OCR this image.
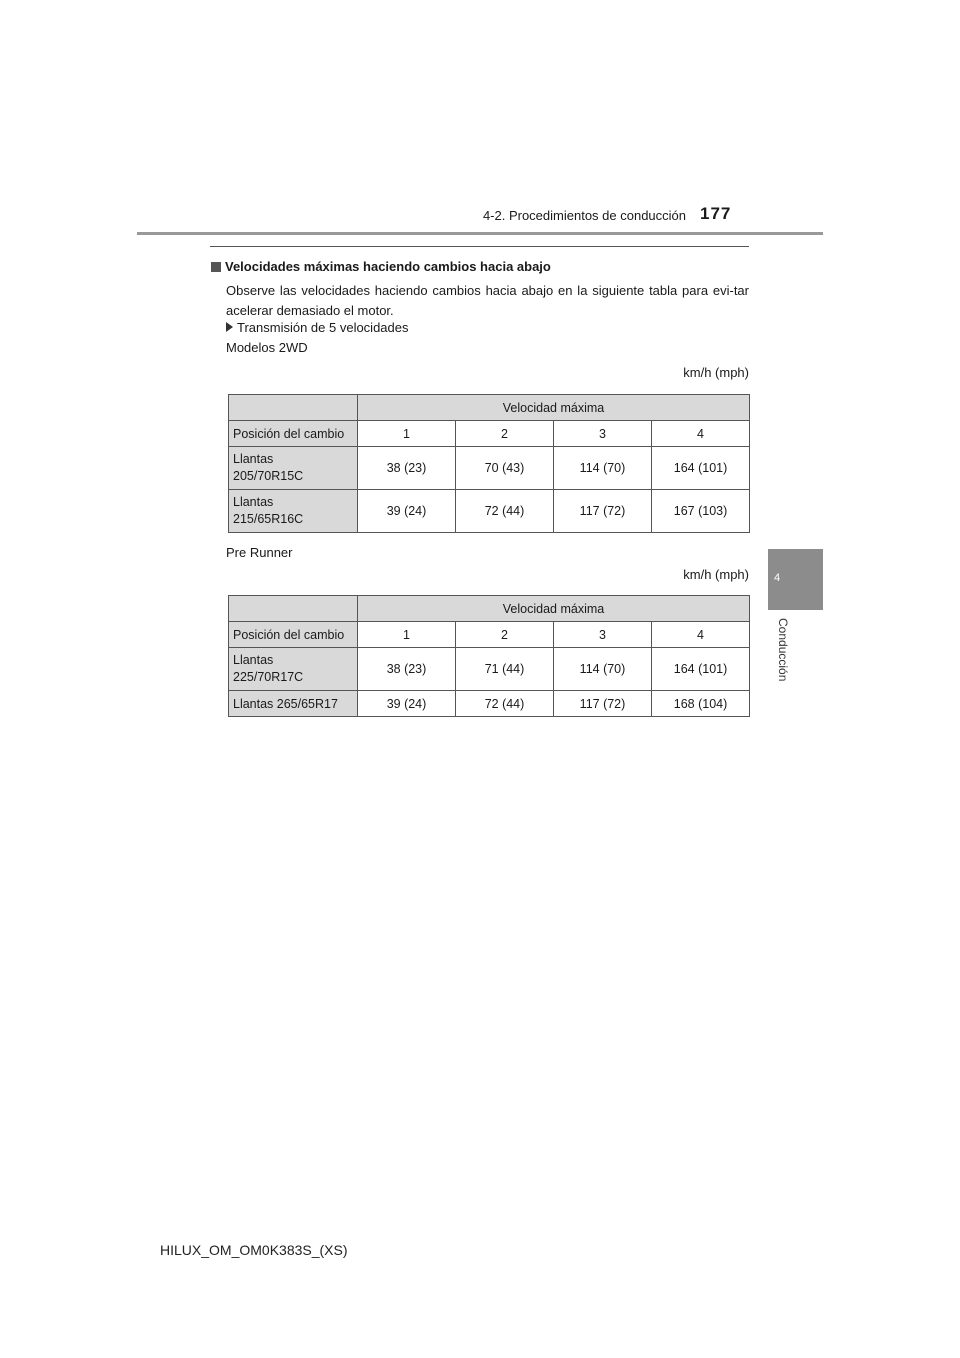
4-2. Procedimientos de conducción 177
4
Conducción
Velocidades máximas haciendo cambios hacia abajo
Observe las velocidades haciendo cambios hacia abajo en la siguiente tabla para evi-tar acelerar demasiado el motor.
Transmisión de 5 velocidades
Modelos 2WD
km/h (mph)
	Velocidad máxima			
Posición del cambio	1	2	3	4
Llantas
205/70R15C	38 (23)	70 (43)	114 (70)	164 (101)
Llantas
215/65R16C	39 (24)	72 (44)	117 (72)	167 (103)
Pre Runner
km/h (mph)
	Velocidad máxima			
Posición del cambio	1	2	3	4
Llantas
225/70R17C	38 (23)	71 (44)	114 (70)	164 (101)
Llantas 265/65R17	39 (24)	72 (44)	117 (72)	168 (104)
HILUX_OM_OM0K383S_(XS)
